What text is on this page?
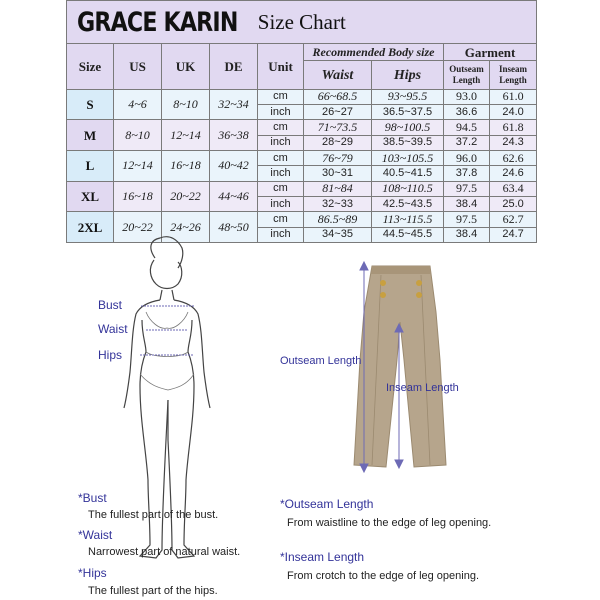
GRACE KARIN Size Chart								
Size	US	UK	DE	Unit	Recommended Body size		Garment	
					Waist	Hips	Outseam Length	Inseam Length
S	4~6	8~10	32~34	cm	66~68.5	93~95.5	93.0	61.0
				inch	26~27	36.5~37.5	36.6	24.0
M	8~10	12~14	36~38	cm	71~73.5	98~100.5	94.5	61.8
				inch	28~29	38.5~39.5	37.2	24.3
L	12~14	16~18	40~42	cm	76~79	103~105.5	96.0	62.6
				inch	30~31	40.5~41.5	37.8	24.6
XL	16~18	20~22	44~46	cm	81~84	108~110.5	97.5	63.4
				inch	32~33	42.5~43.5	38.4	25.0
2XL	20~22	24~26	48~50	cm	86.5~89	113~115.5	97.5	62.7
				inch	34~35	44.5~45.5	38.4	24.7
Bust
Waist
Hips	Outseam Length
Inseam Length
*Bust
The fullest part of the bust.
*Waist
Narrowest part of natural waist.
*Hips
The fullest part of the hips.
*Outseam Length
From waistline to the edge of leg opening.
*Inseam Length
From crotch to the edge of leg opening.
